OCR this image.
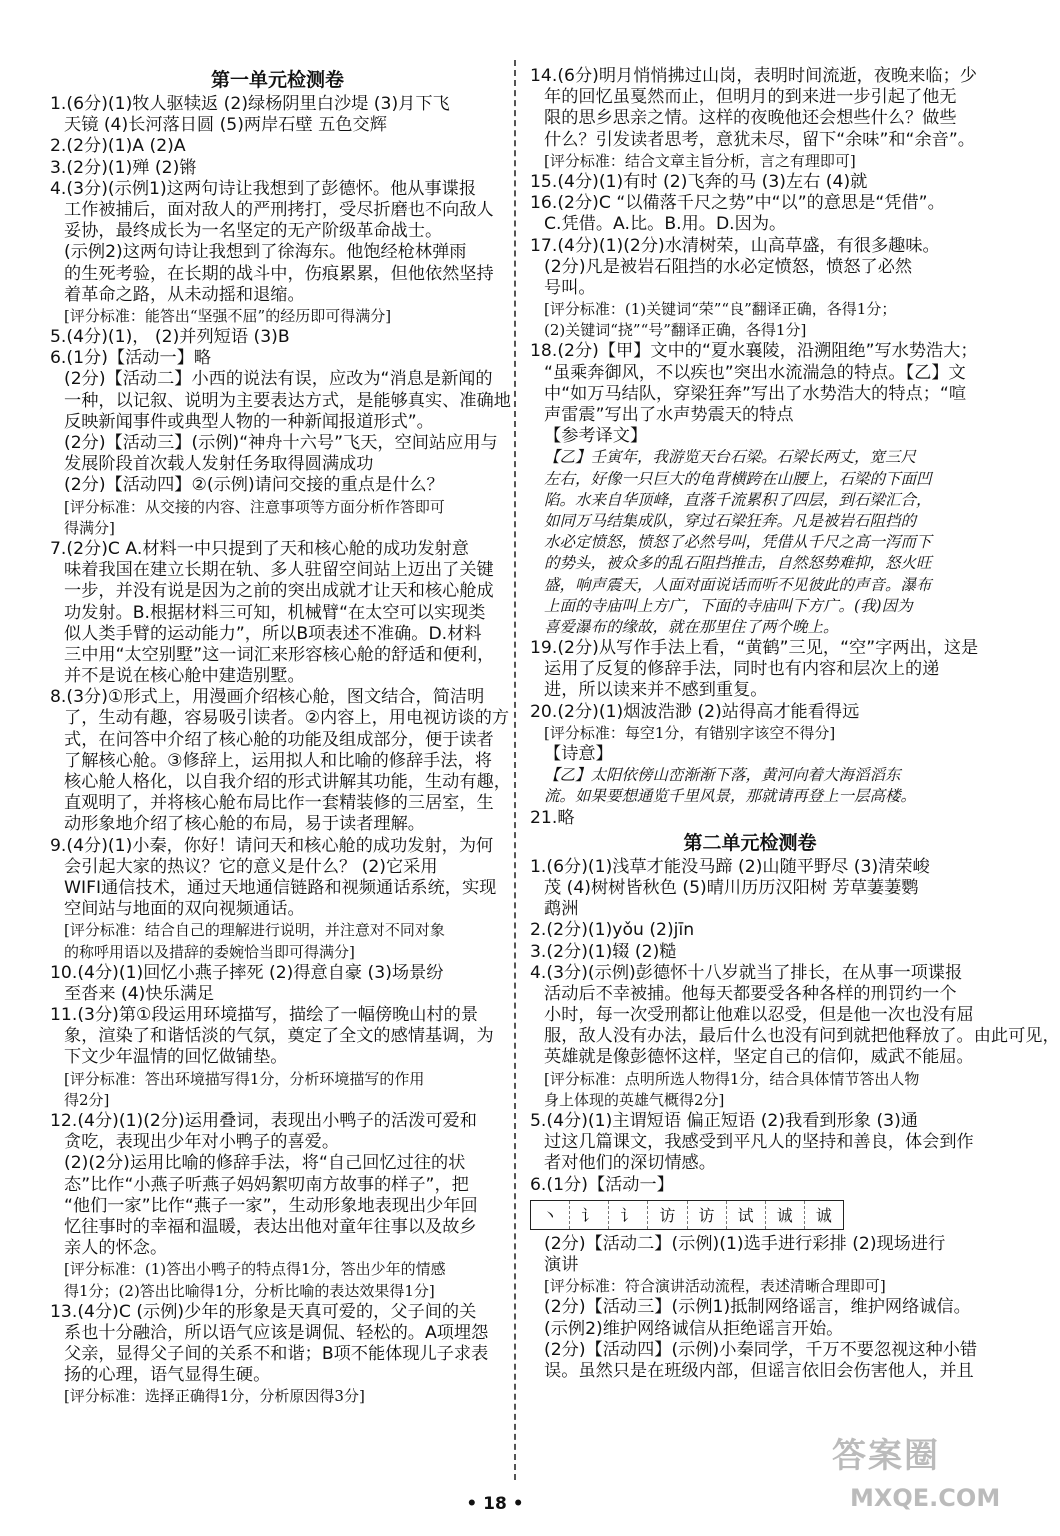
第一单元检测卷
1.(6分)(1)牧人驱犊返 (2)绿杨阴里白沙堤 (3)月下飞
天镜 (4)长河落日圆 (5)两岸石壁 五色交辉
2.(2分)(1)A (2)A
3.(2分)(1)殚 (2)锵
4.(3分)(示例1)这两句诗让我想到了彭德怀。他从事谍报
工作被捕后，面对敌人的严刑拷打，受尽折磨也不向敌人
妥协，最终成长为一名坚定的无产阶级革命战士。
(示例2)这两句诗让我想到了徐海东。他饱经枪林弹雨
的生死考验，在长期的战斗中，伤痕累累，但他依然坚持
着革命之路，从未动摇和退缩。
[评分标准：能答出“坚强不屈”的经历即可得满分]
5.(4分)(1)， (2)并列短语 (3)B
6.(1分)【活动一】略
(2分)【活动二】小西的说法有误，应改为“消息是新闻的
一种，以记叙、说明为主要表达方式，是能够真实、准确地
反映新闻事件或典型人物的一种新闻报道形式”。
(2分)【活动三】(示例)“神舟十六号”飞天，空间站应用与
发展阶段首次载人发射任务取得圆满成功
(2分)【活动四】②(示例)请问交接的重点是什么？
[评分标准：从交接的内容、注意事项等方面分析作答即可
得满分]
7.(2分)C A.材料一中只提到了天和核心舱的成功发射意
味着我国在建立长期在轨、多人驻留空间站上迈出了关键
一步，并没有说是因为之前的突出成就才让天和核心舱成
功发射。B.根据材料三可知，机械臂“在太空可以实现类
似人类手臂的运动能力”，所以B项表述不准确。D.材料
三中用“太空别墅”这一词汇来形容核心舱的舒适和便利，
并不是说在核心舱中建造别墅。
8.(3分)①形式上，用漫画介绍核心舱，图文结合，简洁明
了，生动有趣，容易吸引读者。②内容上，用电视访谈的方
式，在问答中介绍了核心舱的功能及组成部分，便于读者
了解核心舱。③修辞上，运用拟人和比喻的修辞手法，将
核心舱人格化，以自我介绍的形式讲解其功能，生动有趣，
直观明了，并将核心舱布局比作一套精装修的三居室，生
动形象地介绍了核心舱的布局，易于读者理解。
9.(4分)(1)小秦，你好！请问天和核心舱的成功发射，为何
会引起大家的热议？它的意义是什么？ (2)它采用
WIFI通信技术，通过天地通信链路和视频通话系统，实现
空间站与地面的双向视频通话。
[评分标准：结合自己的理解进行说明，并注意对不同对象
的称呼用语以及措辞的委婉恰当即可得满分]
10.(4分)(1)回忆小燕子摔死 (2)得意自豪 (3)场景纷
至沓来 (4)快乐满足
11.(3分)第①段运用环境描写，描绘了一幅傍晚山村的景
象，渲染了和谐恬淡的气氛，奠定了全文的感情基调，为
下文少年温情的回忆做铺垫。
[评分标准：答出环境描写得1分，分析环境描写的作用
得2分]
12.(4分)(1)(2分)运用叠词，表现出小鸭子的活泼可爱和
贪吃，表现出少年对小鸭子的喜爱。
(2)(2分)运用比喻的修辞手法，将“自己回忆过往的状
态”比作“小燕子听燕子妈妈絮叨南方故事的样子”，把
“他们一家”比作“燕子一家”，生动形象地表现出少年回
忆往事时的幸福和温暖，表达出他对童年往事以及故乡
亲人的怀念。
[评分标准：(1)答出小鸭子的特点得1分，答出少年的情感
得1分；(2)答出比喻得1分，分析比喻的表达效果得1分]
13.(4分)C (示例)少年的形象是天真可爱的，父子间的关
系也十分融洽，所以语气应该是调侃、轻松的。A项埋怨
父亲，显得父子间的关系不和谐；B项不能体现儿子求表
扬的心理，语气显得生硬。
[评分标准：选择正确得1分，分析原因得3分]
14.(6分)明月悄悄拂过山岗，表明时间流逝，夜晚来临；少
年的回忆虽戛然而止，但明月的到来进一步引起了他无
限的思乡思亲之情。这样的夜晚他还会想些什么？做些
什么？引发读者思考，意犹未尽，留下“余味”和“余音”。
[评分标准：结合文章主旨分析，言之有理即可]
15.(4分)(1)有时 (2)飞奔的马 (3)左右 (4)就
16.(2分)C “以備落千尺之势”中“以”的意思是“凭借”。
C.凭借。A.比。B.用。D.因为。
17.(4分)(1)(2分)水清树荣，山高草盛，有很多趣味。
(2分)凡是被岩石阻挡的水必定愤怒，愤怒了必然
号叫。
[评分标准：(1)关键词“荣”“良”翻译正确，各得1分；
(2)关键词“挠”“号”翻译正确，各得1分]
18.(2分)【甲】文中的“夏水襄陵，沿溯阻绝”写水势浩大；
“虽乘奔御风，不以疾也”突出水流湍急的特点。【乙】文
中“如万马结队，穿梁狂奔”写出了水势浩大的特点；“喧
声雷震”写出了水声势震天的特点
【参考译文】
【乙】壬寅年，我游览天台石梁。石梁长两丈，宽三尺
左右，好像一只巨大的龟背横跨在山腰上，石梁的下面凹
陷。水来自华顶峰，直落千流累积了四层，到石梁汇合，
如同万马结集成队，穿过石梁狂奔。凡是被岩石阻挡的
水必定愤怒，愤怒了必然号叫，凭借从千尺之高一泻而下
的势头，被众多的乱石阻挡推击，自然怒势难抑，怒火旺
盛，响声震天，人面对面说话而听不见彼此的声音。瀑布
上面的寺庙叫上方广，下面的寺庙叫下方广。(我)因为
喜爱瀑布的缘故，就在那里住了两个晚上。
19.(2分)从写作手法上看，“黄鹤”三见，“空”字两出，这是
运用了反复的修辞手法，同时也有内容和层次上的递
进，所以读来并不感到重复。
20.(2分)(1)烟波浩渺 (2)站得高才能看得远
[评分标准：每空1分，有错别字该空不得分]
【诗意】
【乙】太阳依傍山峦渐渐下落，黄河向着大海滔滔东
流。如果要想通览千里风景，那就请再登上一层高楼。
21.略
第二单元检测卷
1.(6分)(1)浅草才能没马蹄 (2)山随平野尽 (3)清荣峻
茂 (4)树树皆秋色 (5)晴川历历汉阳树 芳草萋萋鹦
鹉洲
2.(2分)(1)yǒu (2)jīn
3.(2分)(1)辍 (2)糙
4.(3分)(示例)彭德怀十八岁就当了排长，在从事一项谍报
活动后不幸被捕。他每天都要受各种各样的刑罚约一个
小时，每一次受刑都让他难以忍受，但是他一次也没有屈
服，敌人没有办法，最后什么也没有问到就把他释放了。由此可见，
英雄就是像彭德怀这样，坚定自己的信仰，威武不能屈。
[评分标准：点明所选人物得1分，结合具体情节答出人物
身上体现的英雄气概得2分]
5.(4分)(1)主谓短语 偏正短语 (2)我看到形象 (3)通
过这几篇课文，我感受到平凡人的坚持和善良，体会到作
者对他们的深切情感。
6.(1分)【活动一】
丶	讠	讠	访	访	试	诚	诚
(2分)【活动二】(示例)(1)选手进行彩排 (2)现场进行
演讲
[评分标准：符合演讲活动流程，表述清晰合理即可]
(2分)【活动三】(示例1)抵制网络谣言，维护网络诚信。
(示例2)维护网络诚信从拒绝谣言开始。
(2分)【活动四】(示例)小秦同学，千万不要忽视这种小错
误。虽然只是在班级内部，但谣言依旧会伤害他人，并且
• 18 •
答案圈
MXQE.COM
